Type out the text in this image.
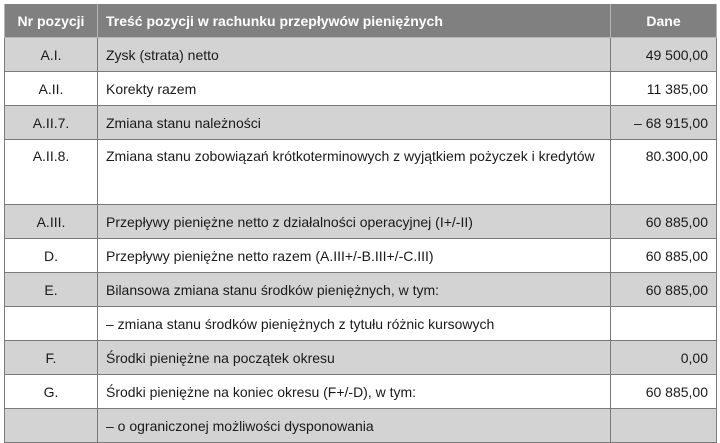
Nr pozycji	Treść pozycji w rachunku przepływów pieniężnych	Dane
A.I.	Zysk (strata) netto	49 500,00
A.II.	Korekty razem	11 385,00
A.II.7.	Zmiana stanu należności	– 68 915,00
A.II.8.	Zmiana stanu zobowiązań krótkoterminowych z wyjątkiem pożyczek i kredytów	80.300,00
A.III.	Przepływy pieniężne netto z działalności operacyjnej (I+/-II)	60 885,00
D.	Przepływy pieniężne netto razem (A.III+/-B.III+/-C.III)	60 885,00
E.	Bilansowa zmiana stanu środków pieniężnych, w tym:	60 885,00
	– zmiana stanu środków pieniężnych z tytułu różnic kursowych	
F.	Środki pieniężne na początek okresu	0,00
G.	Środki pieniężne na koniec okresu (F+/-D), w tym:	60 885,00
	– o ograniczonej możliwości dysponowania	
